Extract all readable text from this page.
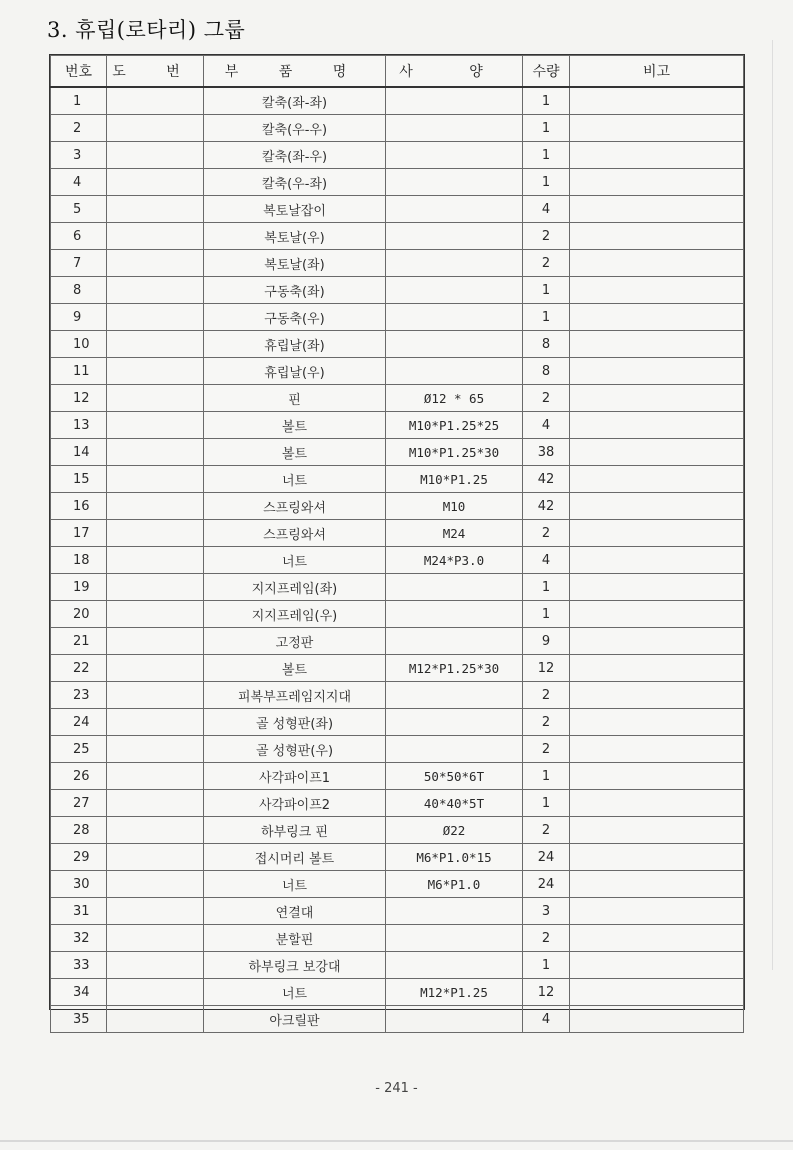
3. 휴립(로타리) 그룹
번호	도 번	부 품 명	사 양	수량	비고
1		칼축(좌-좌)		1	
2		칼축(우-우)		1	
3		칼축(좌-우)		1	
4		칼축(우-좌)		1	
5		복토날잡이		4	
6		복토날(우)		2	
7		복토날(좌)		2	
8		구동축(좌)		1	
9		구동축(우)		1	
10		휴립날(좌)		8	
11		휴립날(우)		8	
12		핀	Ø12 * 65	2	
13		볼트	M10*P1.25*25	4	
14		볼트	M10*P1.25*30	38	
15		너트	M10*P1.25	42	
16		스프링와셔	M10	42	
17		스프링와셔	M24	2	
18		너트	M24*P3.0	4	
19		지지프레임(좌)		1	
20		지지프레임(우)		1	
21		고정판		9	
22		볼트	M12*P1.25*30	12	
23		피복부프레임지지대		2	
24		골 성형판(좌)		2	
25		골 성형판(우)		2	
26		사각파이프1	50*50*6T	1	
27		사각파이프2	40*40*5T	1	
28		하부링크 핀	Ø22	2	
29		접시머리 볼트	M6*P1.0*15	24	
30		너트	M6*P1.0	24	
31		연결대		3	
32		분할핀		2	
33		하부링크 보강대		1	
34		너트	M12*P1.25	12	
35		아크릴판		4	
- 241 -
